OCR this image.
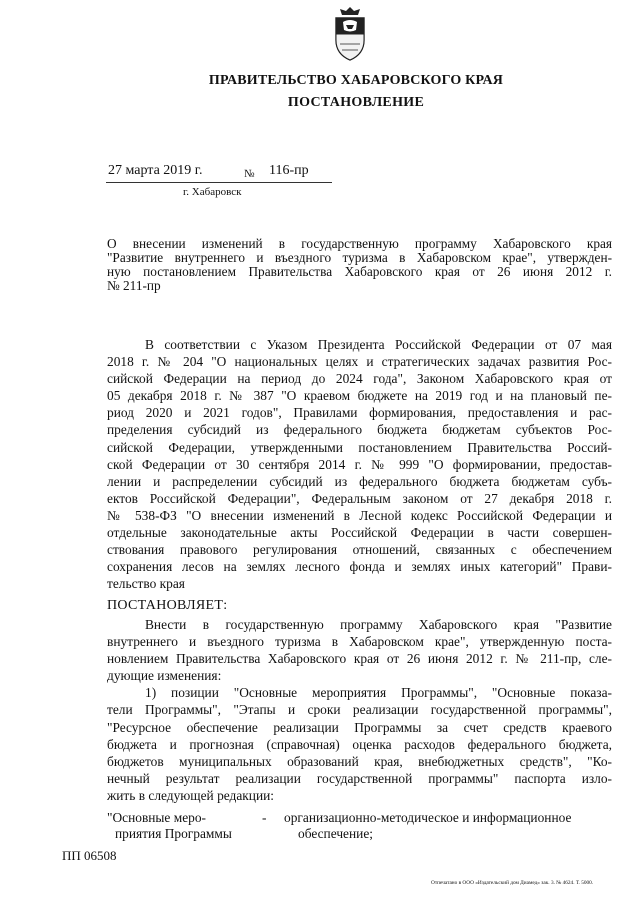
ПРАВИТЕЛЬСТВО ХАБАРОВСКОГО КРАЯ
ПОСТАНОВЛЕНИЕ
27 марта 2019 г.	№ 116-пр
г. Хабаровск
О внесении изменений в государственную программу Хабаровского края
"Развитие внутреннего и въездного туризма в Хабаровском крае", утвержден-
ную постановлением Правительства Хабаровского края от 26 июня 2012 г.
№ 211-пр
В соответствии с Указом Президента Российской Федерации от 07 мая
2018 г. № 204 "О национальных целях и стратегических задачах развития Рос-
сийской Федерации на период до 2024 года", Законом Хабаровского края от
05 декабря 2018 г. № 387 "О краевом бюджете на 2019 год и на плановый пе-
риод 2020 и 2021 годов", Правилами формирования, предоставления и рас-
пределения субсидий из федерального бюджета бюджетам субъектов Рос-
сийской Федерации, утвержденными постановлением Правительства Россий-
ской Федерации от 30 сентября 2014 г. № 999 "О формировании, предостав-
лении и распределении субсидий из федерального бюджета бюджетам субъ-
ектов Российской Федерации", Федеральным законом от 27 декабря 2018 г.
№ 538-ФЗ "О внесении изменений в Лесной кодекс Российской Федерации и
отдельные законодательные акты Российской Федерации в части совершен-
ствования правового регулирования отношений, связанных с обеспечением
сохранения лесов на землях лесного фонда и землях иных категорий" Прави-
тельство края
ПОСТАНОВЛЯЕТ:
Внести в государственную программу Хабаровского края "Развитие
внутреннего и въездного туризма в Хабаровском крае", утвержденную поста-
новлением Правительства Хабаровского края от 26 июня 2012 г. № 211-пр, сле-
дующие изменения:
1) позиции "Основные мероприятия Программы", "Основные показа-
тели Программы", "Этапы и сроки реализации государственной программы",
"Ресурсное обеспечение реализации Программы за счет средств краевого
бюджета и прогнозная (справочная) оценка расходов федерального бюджета,
бюджетов муниципальных образований края, внебюджетных средств", "Ко-
нечный результат реализации государственной программы" паспорта изло-
жить в следующей редакции:
"Основные меро-
приятия Программы
- организационно-методическое и информационное
обеспечение;
ПП 06508
Отпечатано в ООО «Издательский дом Диамед» зак. 3. № 4624. Т. 5000.
